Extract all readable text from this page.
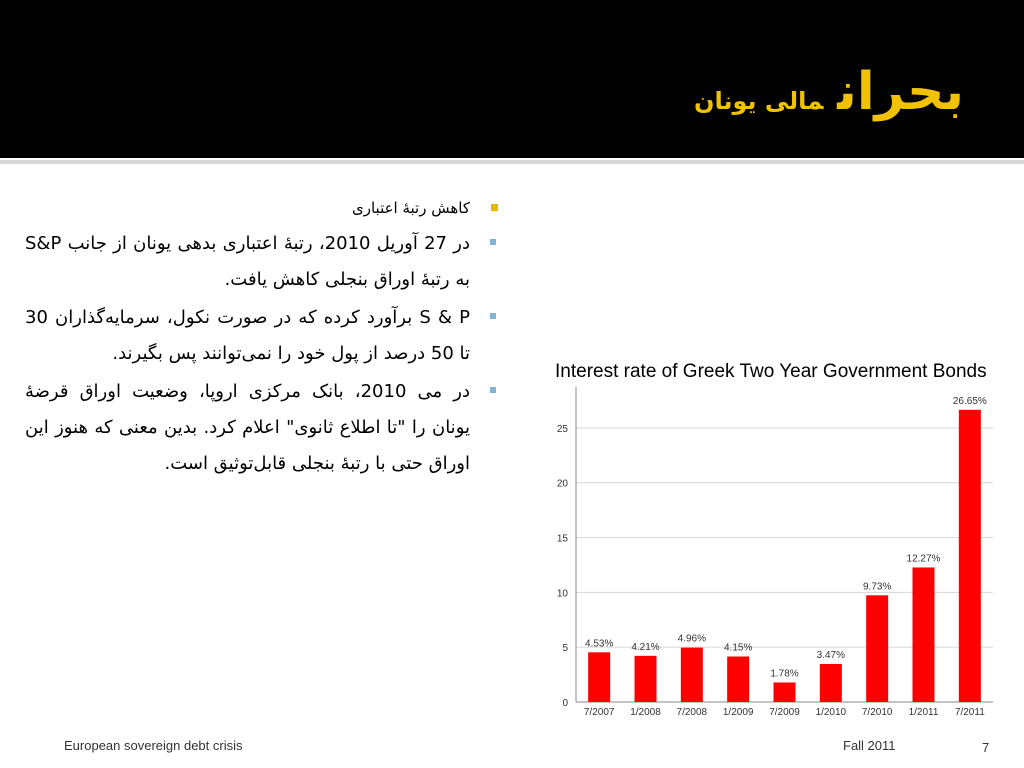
بحرانمالی یونان
کاهش رتبهٔ اعتباری
در 27 آوریل 2010، رتبهٔ اعتباری بدهی یونان از جانب S&P به رتبهٔ اوراق بنجلی کاهش یافت.
S & P برآورد کرده که در صورت نکول، سرمایه‌گذاران 30 تا 50 درصد از پول خود را نمی‌توانند پس بگیرند.
در می 2010، بانک مرکزی اروپا، وضعیت اوراق قرضهٔ یونان را "تا اطلاع ثانوی" اعلام کرد. بدین معنی که هنوز این اوراق حتی با رتبهٔ بنجلی قابل‌توثیق است.
0
5
10
15
20
25
4.53%
7/2007
4.21%
1/2008
4.96%
7/2008
4.15%
1/2009
1.78%
7/2009
3.47%
1/2010
9.73%
7/2010
12.27%
1/2011
26.65%
7/2011
Interest rate of Greek Two Year Government Bonds
European sovereign debt crisis	Fall 2011	7
